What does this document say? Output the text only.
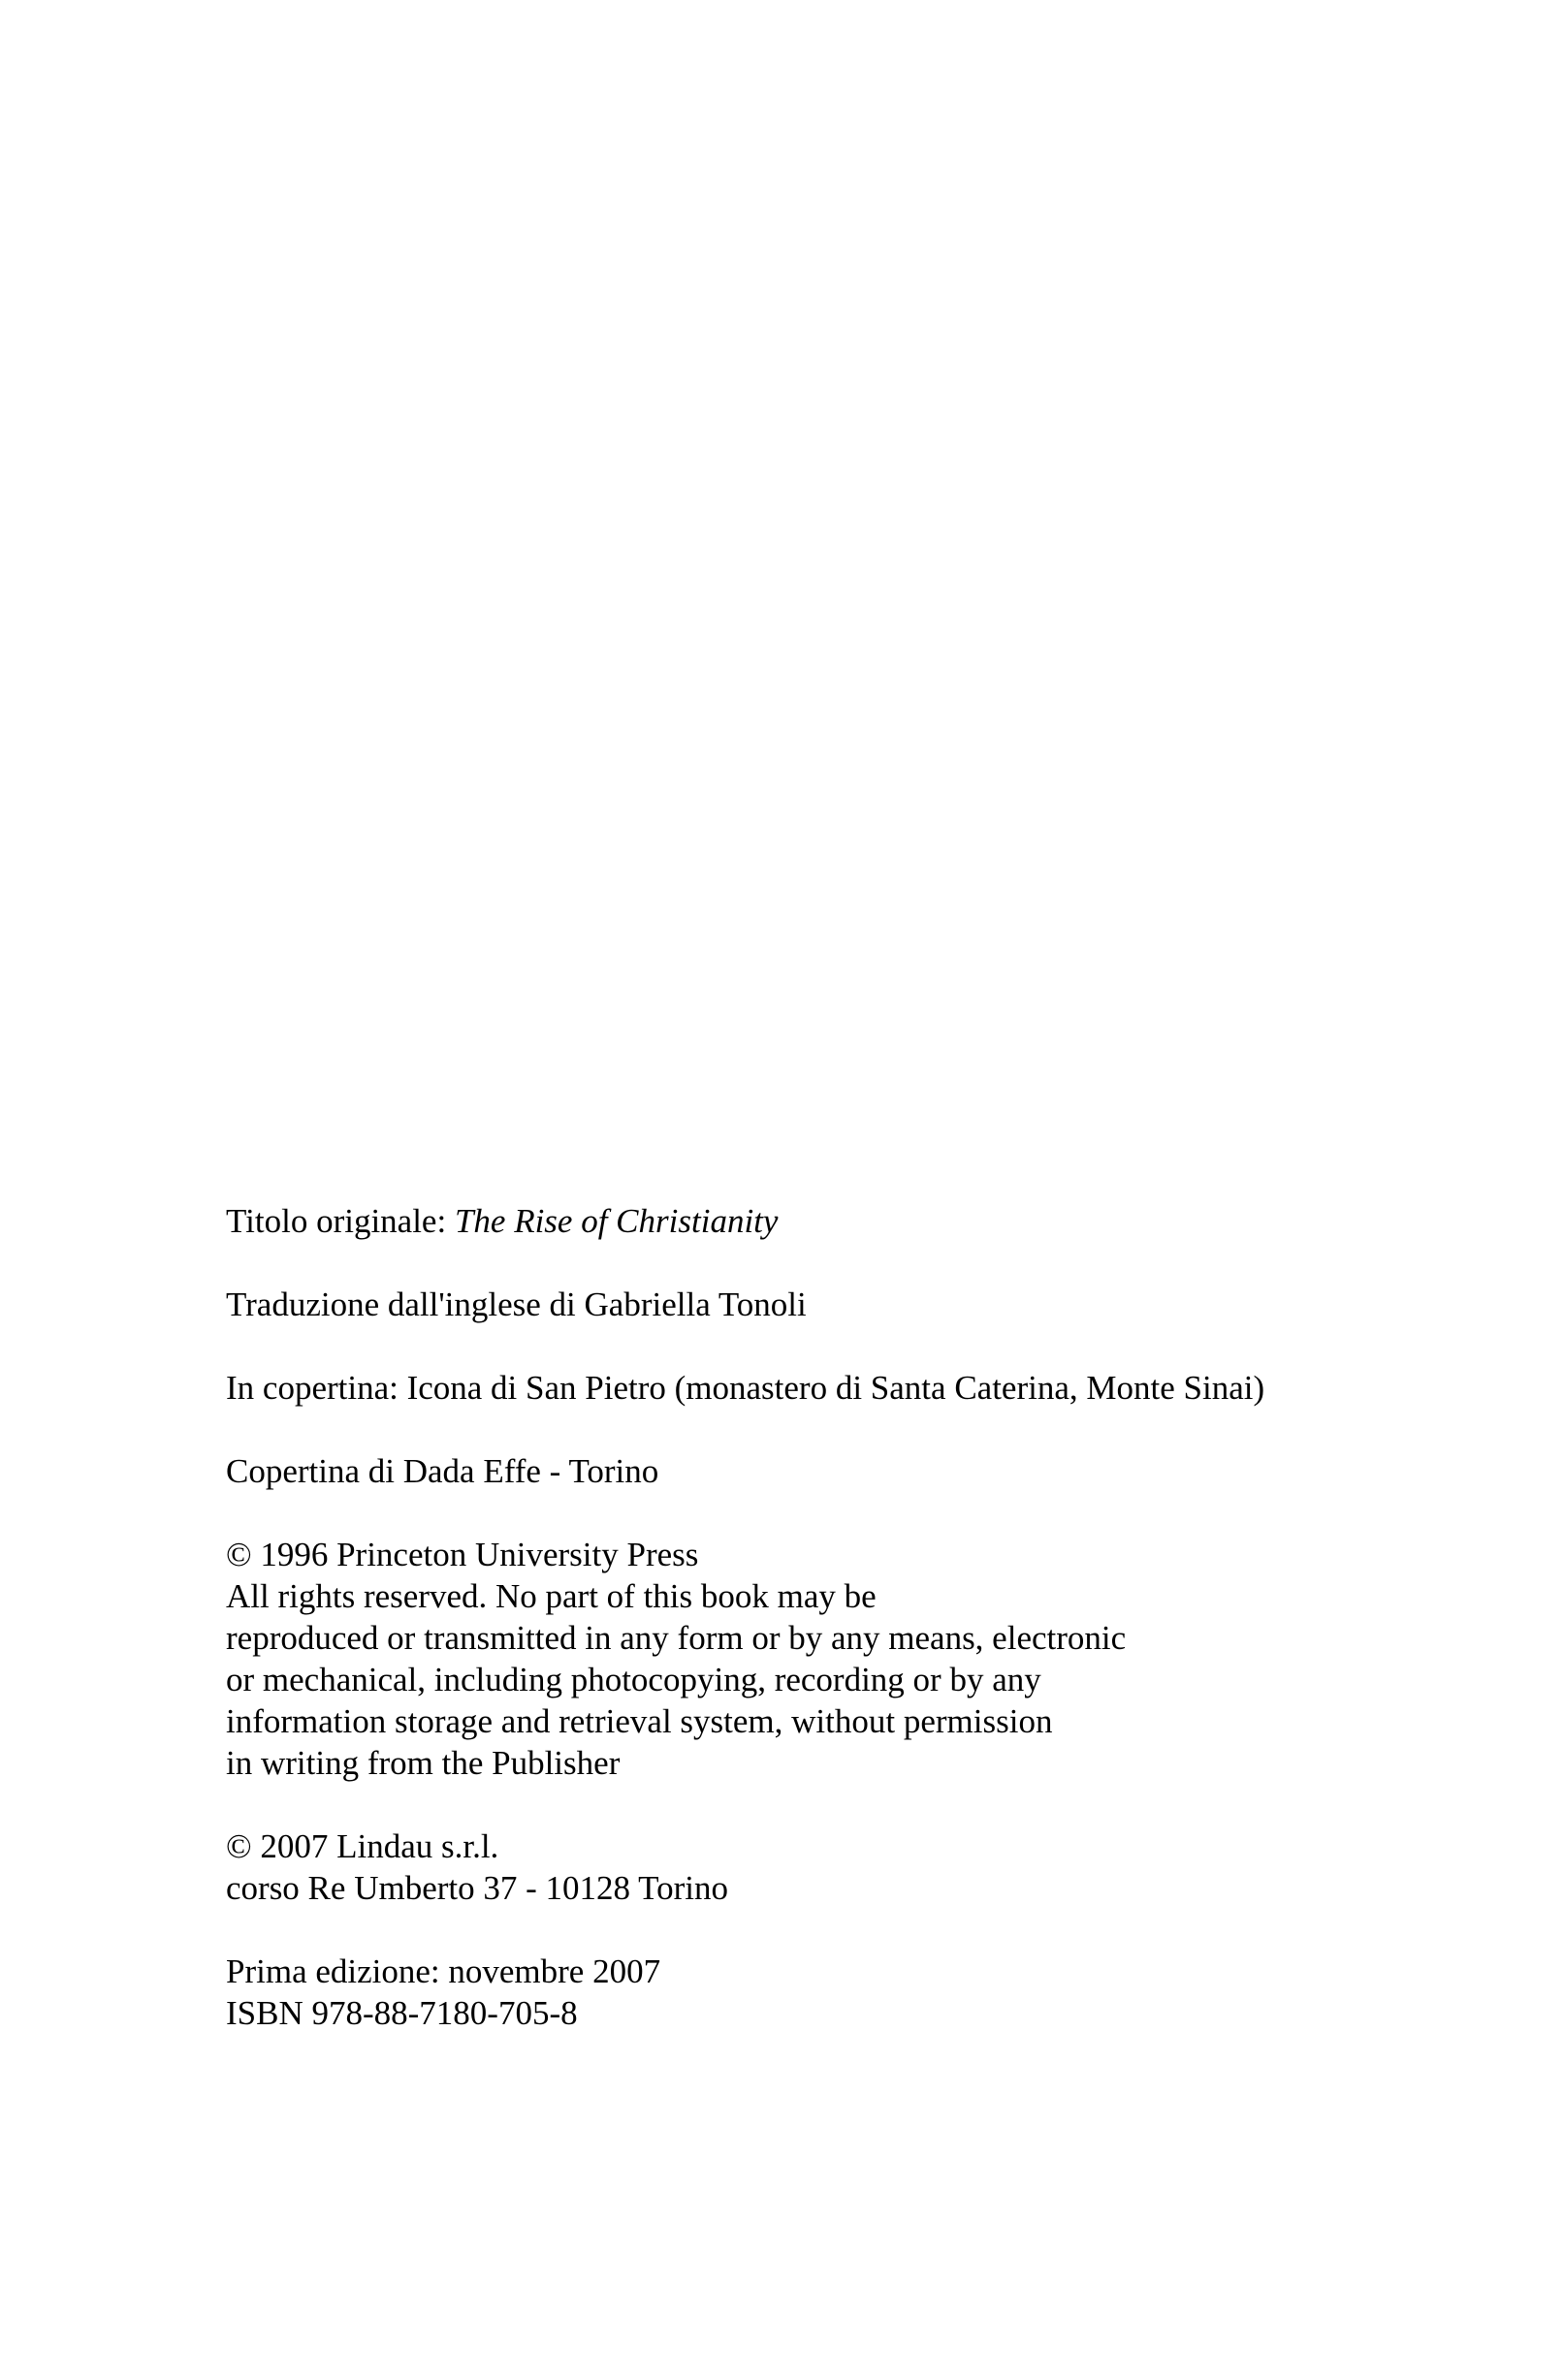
Titolo originale: The Rise of Christianity

Traduzione dall'inglese di Gabriella Tonoli

In copertina: Icona di San Pietro (monastero di Santa Caterina, Monte Sinai)

Copertina di Dada Effe - Torino

© 1996 Princeton University Press
All rights reserved. No part of this book may be
reproduced or transmitted in any form or by any means, electronic
or mechanical, including photocopying, recording or by any
information storage and retrieval system, without permission
in writing from the Publisher

© 2007 Lindau s.r.l.
corso Re Umberto 37 - 10128 Torino

Prima edizione: novembre 2007
ISBN 978-88-7180-705-8
